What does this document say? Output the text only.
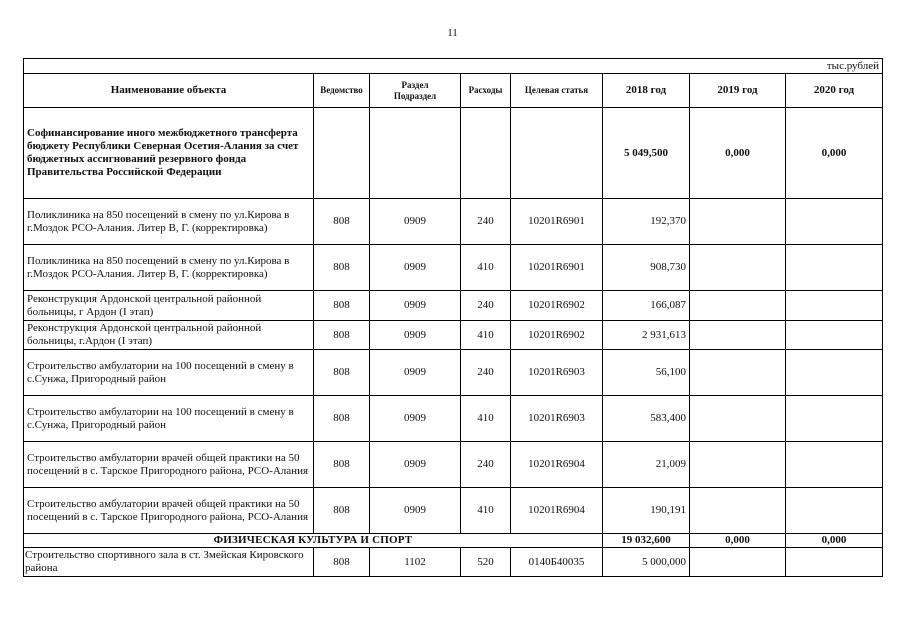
11
тыс.рублей							
Наименование объекта	Ведомство	Раздел Подраздел	Расходы	Целевая статья	2018 год	2019 год	2020 год
Софинансирование иного межбюджетного трансферта бюджету Республики Северная Осетия-Алания за счет бюджетных ассигнований резервного фонда Правительства Российской Федерации					5 049,500	0,000	0,000
Поликлиника на 850 посещений в смену по ул.Кирова в г.Моздок РСО-Алания. Литер В, Г. (корректировка)	808	0909	240	10201R6901	192,370		
Поликлиника на 850 посещений в смену по ул.Кирова в г.Моздок РСО-Алания. Литер В, Г. (корректировка)	808	0909	410	10201R6901	908,730		
Реконструкция Ардонской центральной районной больницы, г Ардон (I этап)	808	0909	240	10201R6902	166,087		
Реконструкция Ардонской центральной районной больницы, г.Ардон (I этап)	808	0909	410	10201R6902	2 931,613		
Строительство амбулатории на 100 посещений в смену в с.Сунжа, Пригородный район	808	0909	240	10201R6903	56,100		
Строительство амбулатории на 100 посещений в смену в с.Сунжа, Пригородный район	808	0909	410	10201R6903	583,400		
Строительство амбулатории врачей общей практики на 50 посещений в с. Тарское Пригородного района, РСО-Алания	808	0909	240	10201R6904	21,009		
Строительство амбулатории врачей общей практики на 50 посещений в с. Тарское Пригородного района, РСО-Алания	808	0909	410	10201R6904	190,191		
ФИЗИЧЕСКАЯ КУЛЬТУРА И СПОРТ					19 032,600	0,000	0,000
Строительство спортивного зала в ст. Змейская Кировского района	808	1102	520	0140Б40035	5 000,000		
